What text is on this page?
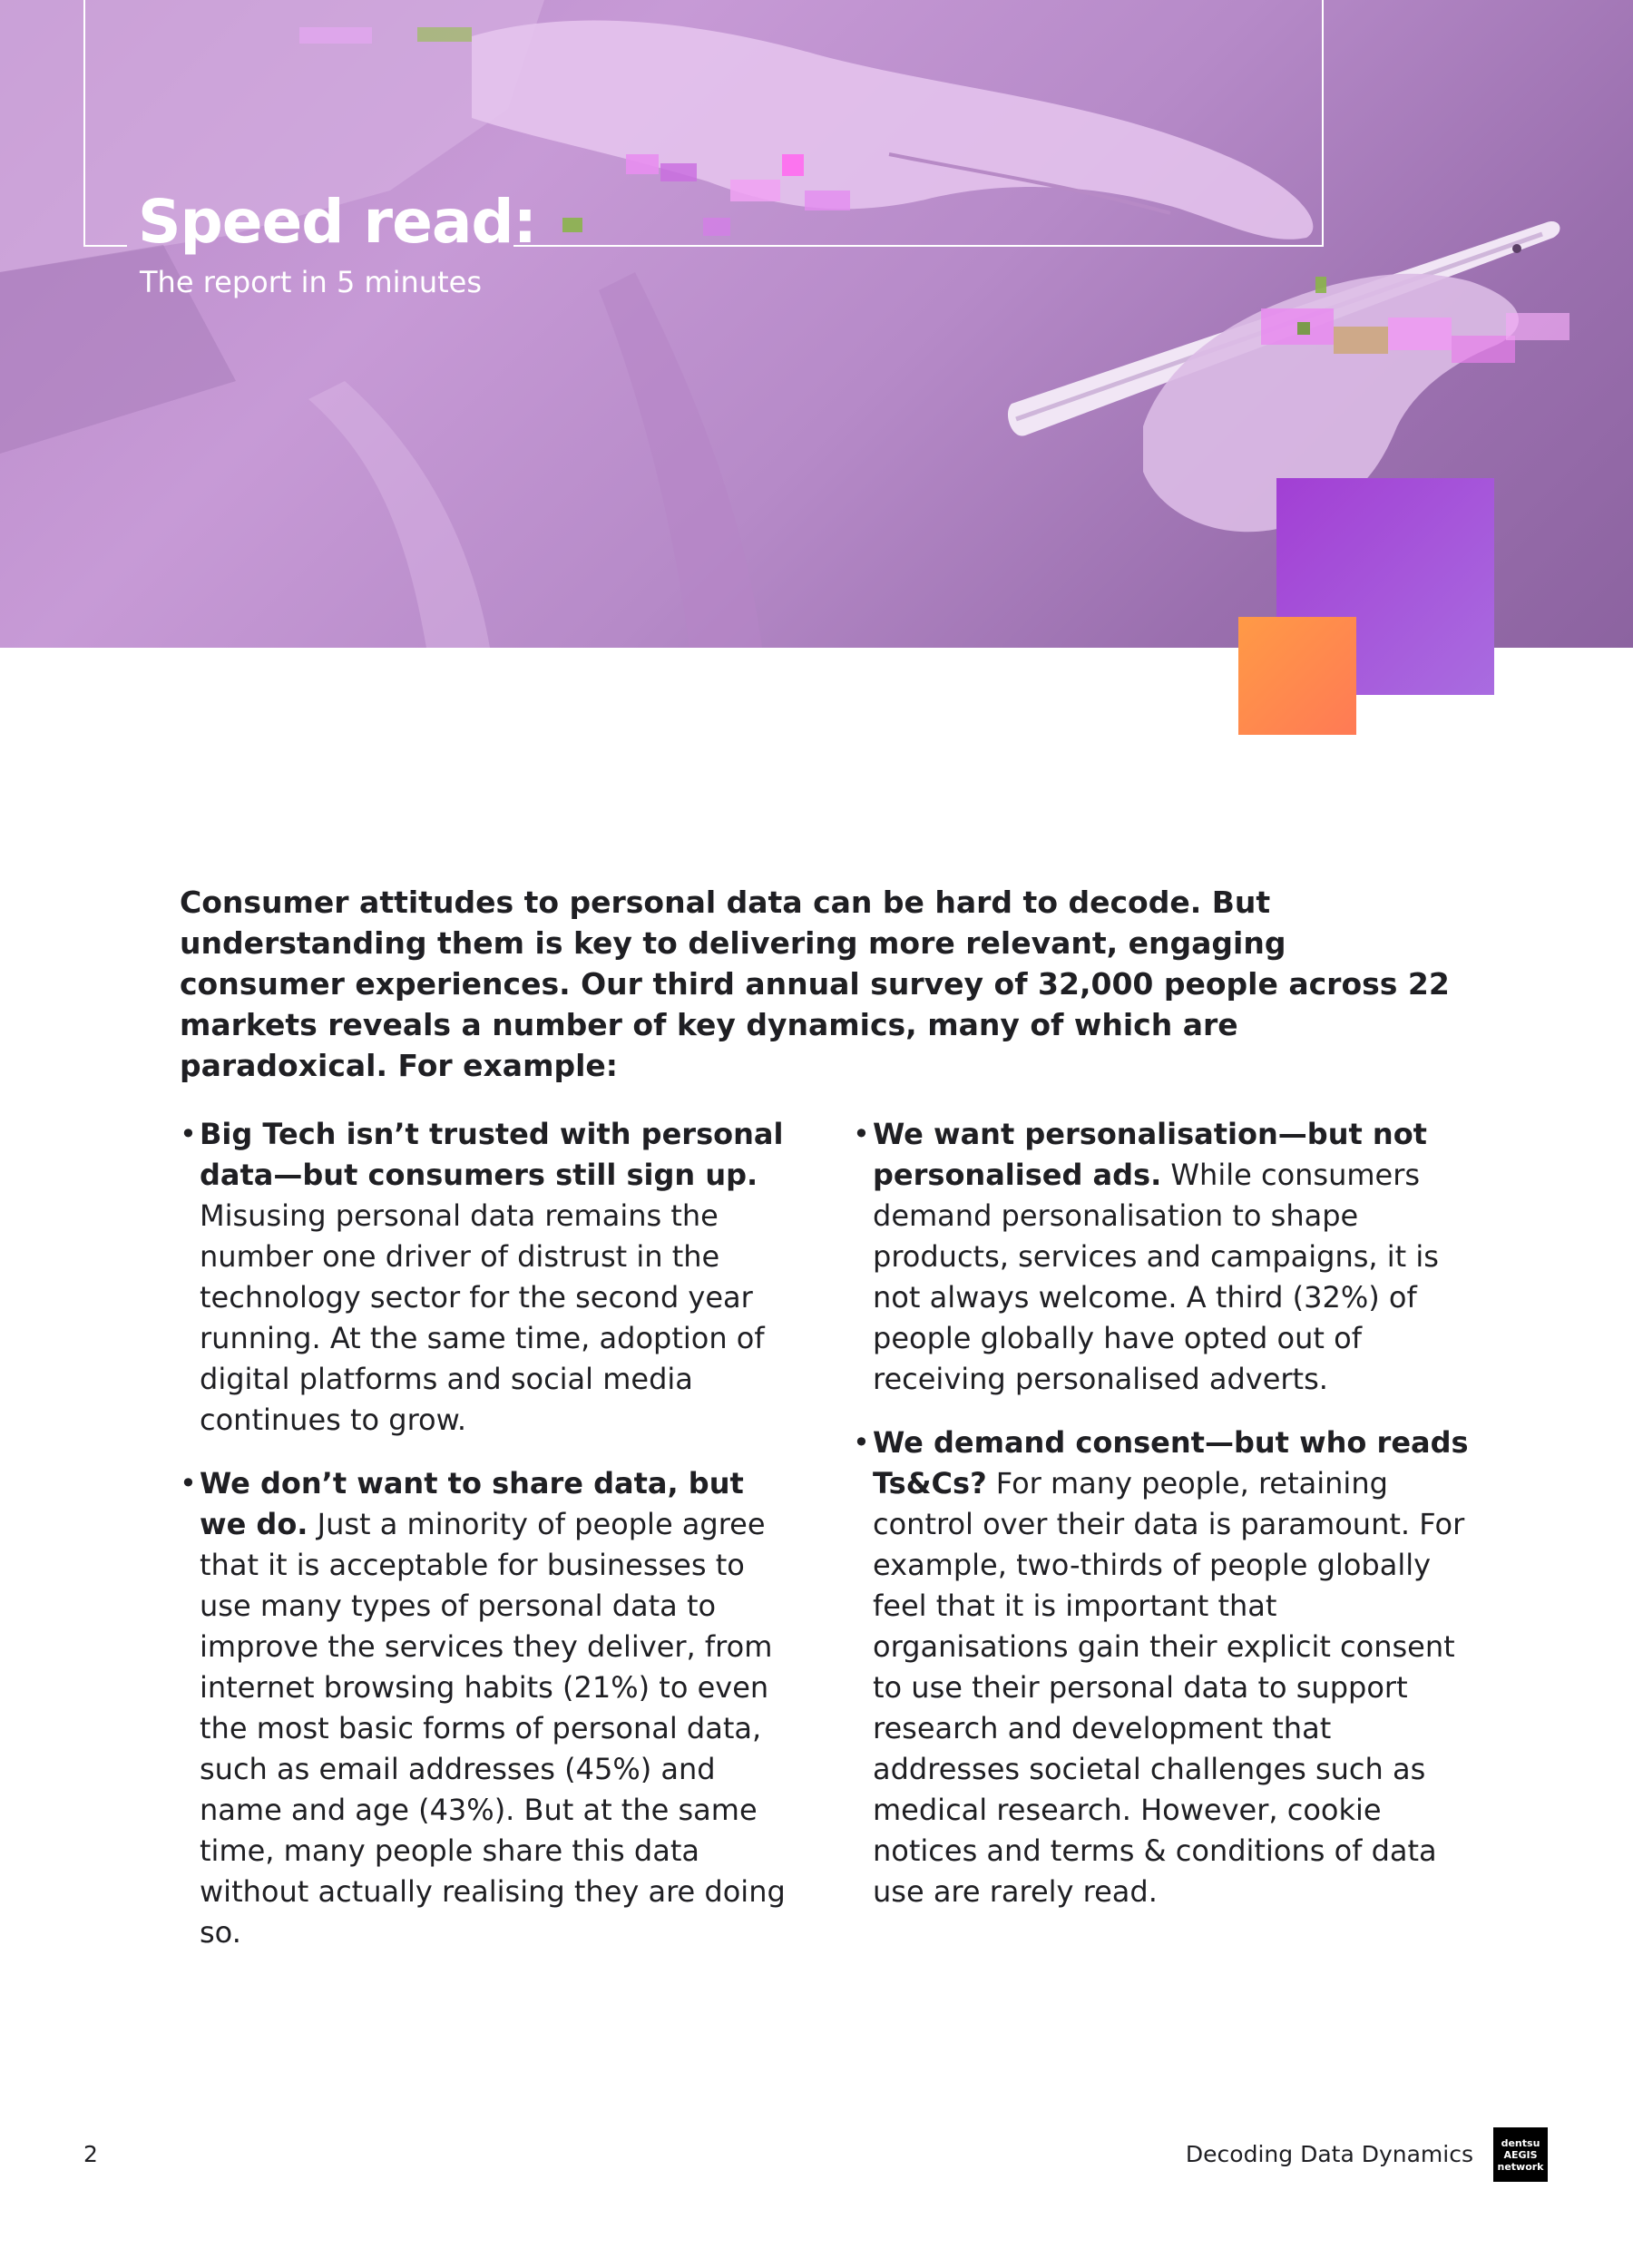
Speed read:

The report in 5 minutes

Consumer attitudes to personal data can be hard to decode. But understanding them is key to delivering more relevant, engaging consumer experiences. Our third annual survey of 32,000 people across 22 markets reveals a number of key dynamics, many of which are paradoxical. For example:

• Big Tech isn’t trusted with personal data—but consumers still sign up. Misusing personal data remains the number one driver of distrust in the technology sector for the second year running. At the same time, adoption of digital platforms and social media continues to grow.

• We don’t want to share data, but we do. Just a minority of people agree that it is acceptable for businesses to use many types of personal data to improve the services they deliver, from internet browsing habits (21%) to even the most basic forms of personal data, such as email addresses (45%) and name and age (43%). But at the same time, many people share this data without actually realising they are doing so.

• We want personalisation—but not personalised ads. While consumers demand personalisation to shape products, services and campaigns, it is not always welcome. A third (32%) of people globally have opted out of receiving personalised adverts.

• We demand consent—but who reads Ts&Cs? For many people, retaining control over their data is paramount. For example, two-thirds of people globally feel that it is important that organisations gain their explicit consent to use their personal data to support research and development that addresses societal challenges such as medical research. However, cookie notices and terms & conditions of data use are rarely read.

2	Decoding Data Dynamics	dentsu
AEGIS
network
